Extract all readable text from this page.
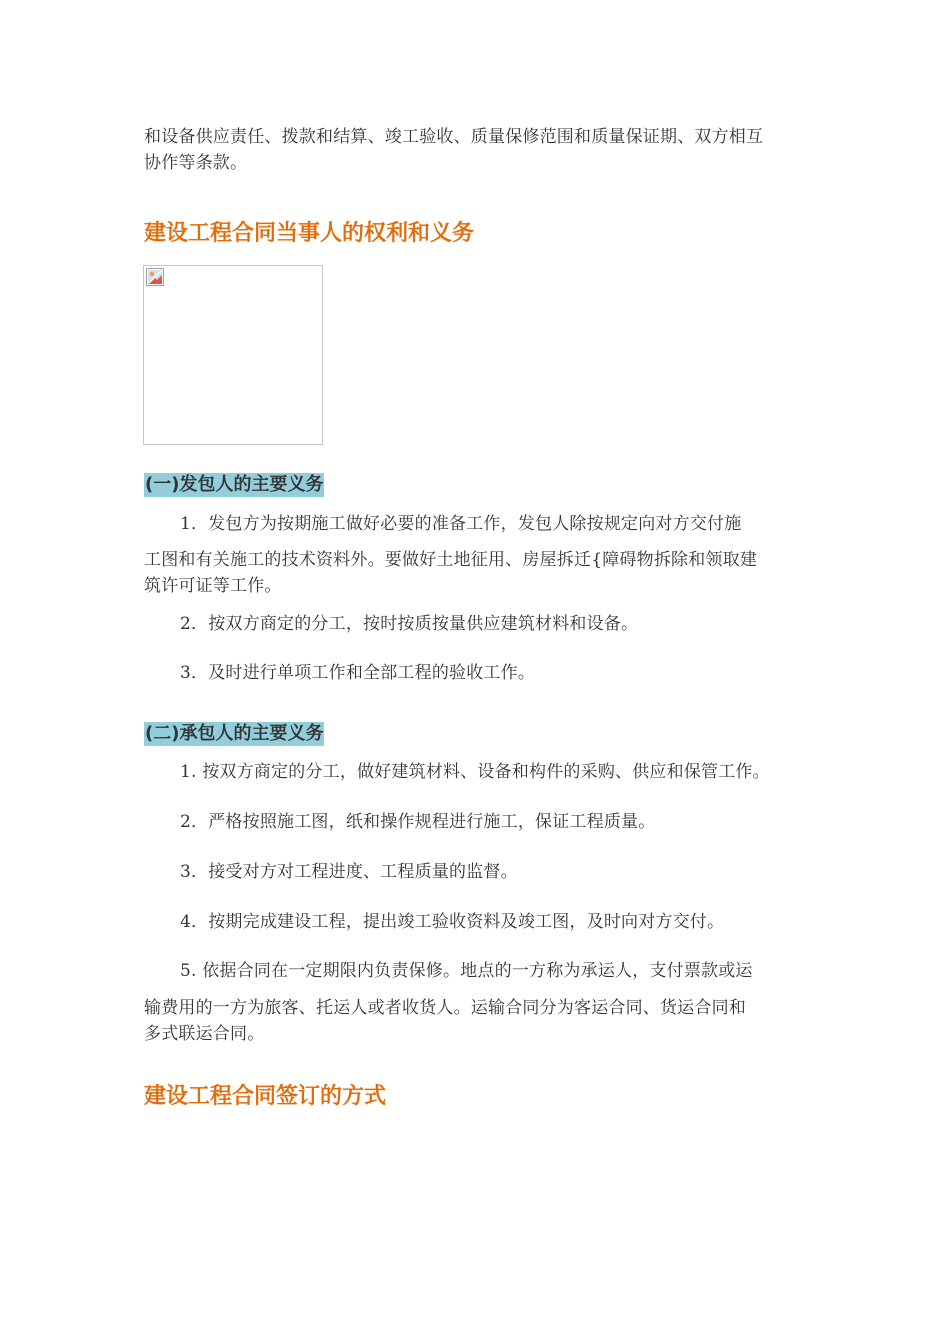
和设备供应责任、拨款和结算、竣工验收、质量保修范围和质量保证期、双方相互
协作等条款。
建设工程合同当事人的权利和义务
(一)发包人的主要义务
1．发包方为按期施工做好必要的准备工作，发包人除按规定向对方交付施
工图和有关施工的技术资料外。要做好土地征用、房屋拆迁{障碍物拆除和领取建
筑许可证等工作。
2．按双方商定的分工，按时按质按量供应建筑材料和设备。
3．及时进行单项工作和全部工程的验收工作。
(二)承包人的主要义务
1. 按双方商定的分工，做好建筑材料、设备和构件的采购、供应和保管工作。
2．严格按照施工图，纸和操作规程进行施工，保证工程质量。
3．接受对方对工程进度、工程质量的监督。
4．按期完成建设工程，提出竣工验收资料及竣工图，及时向对方交付。
5. 依据合同在一定期限内负责保修。地点的一方称为承运人，支付票款或运
输费用的一方为旅客、托运人或者收货人。运输合同分为客运合同、货运合同和
多式联运合同。
建设工程合同签订的方式
